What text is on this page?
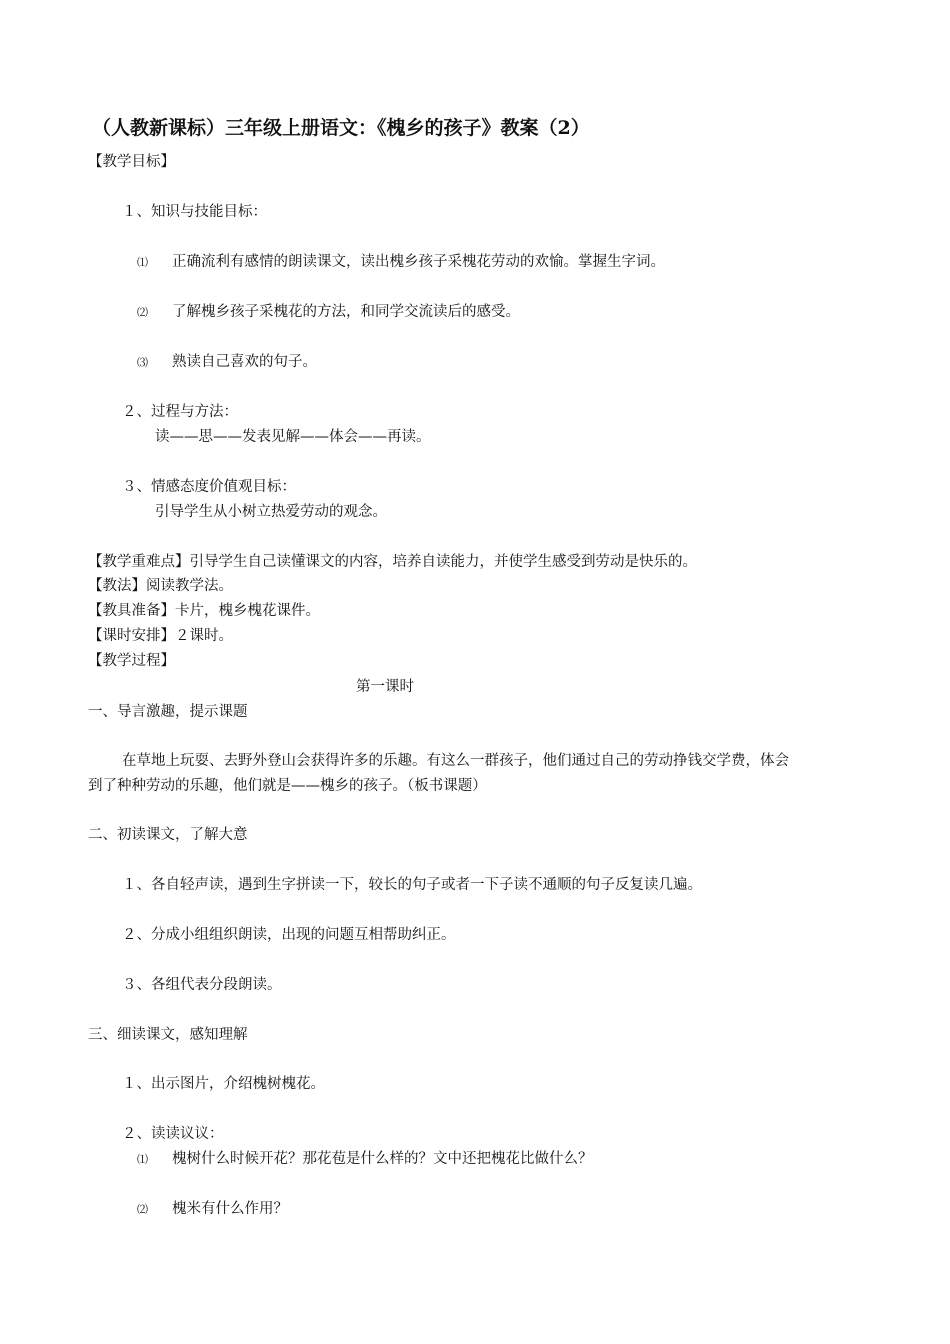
（人教新课标）三年级上册语文：《槐乡的孩子》教案（2）
【教学目标】
１、知识与技能目标：
⑴ 正确流利有感情的朗读课文，读出槐乡孩子采槐花劳动的欢愉。掌握生字词。
⑵ 了解槐乡孩子采槐花的方法，和同学交流读后的感受。
⑶ 熟读自己喜欢的句子。
２、过程与方法：
读——思——发表见解——体会——再读。
３、情感态度价值观目标：
引导学生从小树立热爱劳动的观念。
【教学重难点】引导学生自己读懂课文的内容，培养自读能力，并使学生感受到劳动是快乐的。
【教法】阅读教学法。
【教具准备】卡片，槐乡槐花课件。
【课时安排】２课时。
【教学过程】
第一课时
一、导言激趣，提示课题
在草地上玩耍、去野外登山会获得许多的乐趣。有这么一群孩子，他们通过自己的劳动挣钱交学费，体会
到了种种劳动的乐趣，他们就是——槐乡的孩子。（板书课题）
二、初读课文，了解大意
１、各自轻声读，遇到生字拼读一下，较长的句子或者一下子读不通顺的句子反复读几遍。
２、分成小组组织朗读，出现的问题互相帮助纠正。
３、各组代表分段朗读。
三、细读课文，感知理解
１、出示图片，介绍槐树槐花。
２、读读议议：
⑴ 槐树什么时候开花？那花苞是什么样的？文中还把槐花比做什么？
⑵ 槐米有什么作用？
